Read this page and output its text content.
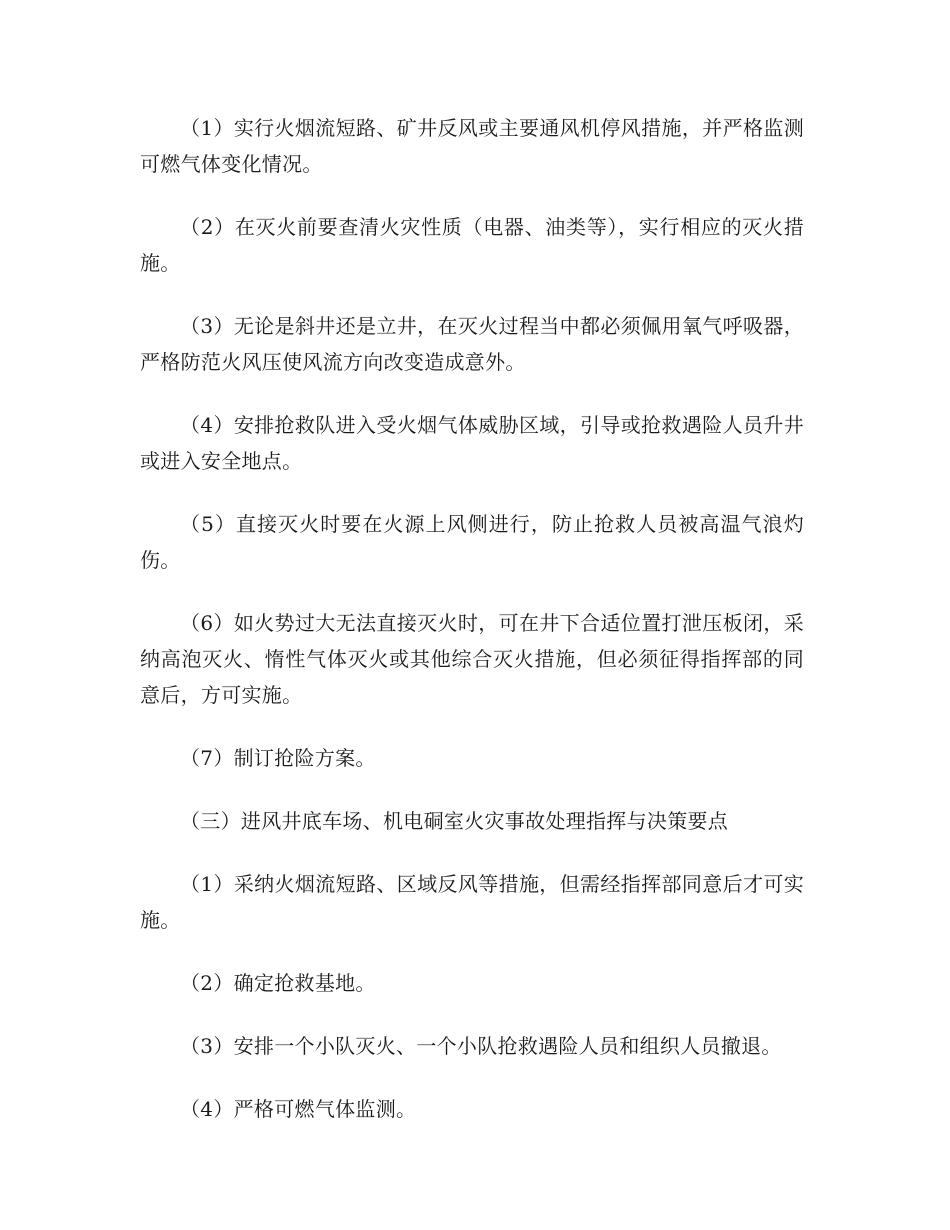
（1）实行火烟流短路、矿井反风或主要通风机停风措施，并严格监测可燃气体变化情况。

（2）在灭火前要查清火灾性质（电器、油类等），实行相应的灭火措施。

（3）无论是斜井还是立井，在灭火过程当中都必须佩用氧气呼吸器，严格防范火风压使风流方向改变造成意外。

（4）安排抢救队进入受火烟气体威胁区域，引导或抢救遇险人员升井或进入安全地点。

（5）直接灭火时要在火源上风侧进行，防止抢救人员被高温气浪灼伤。

（6）如火势过大无法直接灭火时，可在井下合适位置打泄压板闭，采纳高泡灭火、惰性气体灭火或其他综合灭火措施，但必须征得指挥部的同意后，方可实施。

（7）制订抢险方案。

（三）进风井底车场、机电硐室火灾事故处理指挥与决策要点

（1）采纳火烟流短路、区域反风等措施，但需经指挥部同意后才可实施。

（2）确定抢救基地。

（3）安排一个小队灭火、一个小队抢救遇险人员和组织人员撤退。

（4）严格可燃气体监测。
